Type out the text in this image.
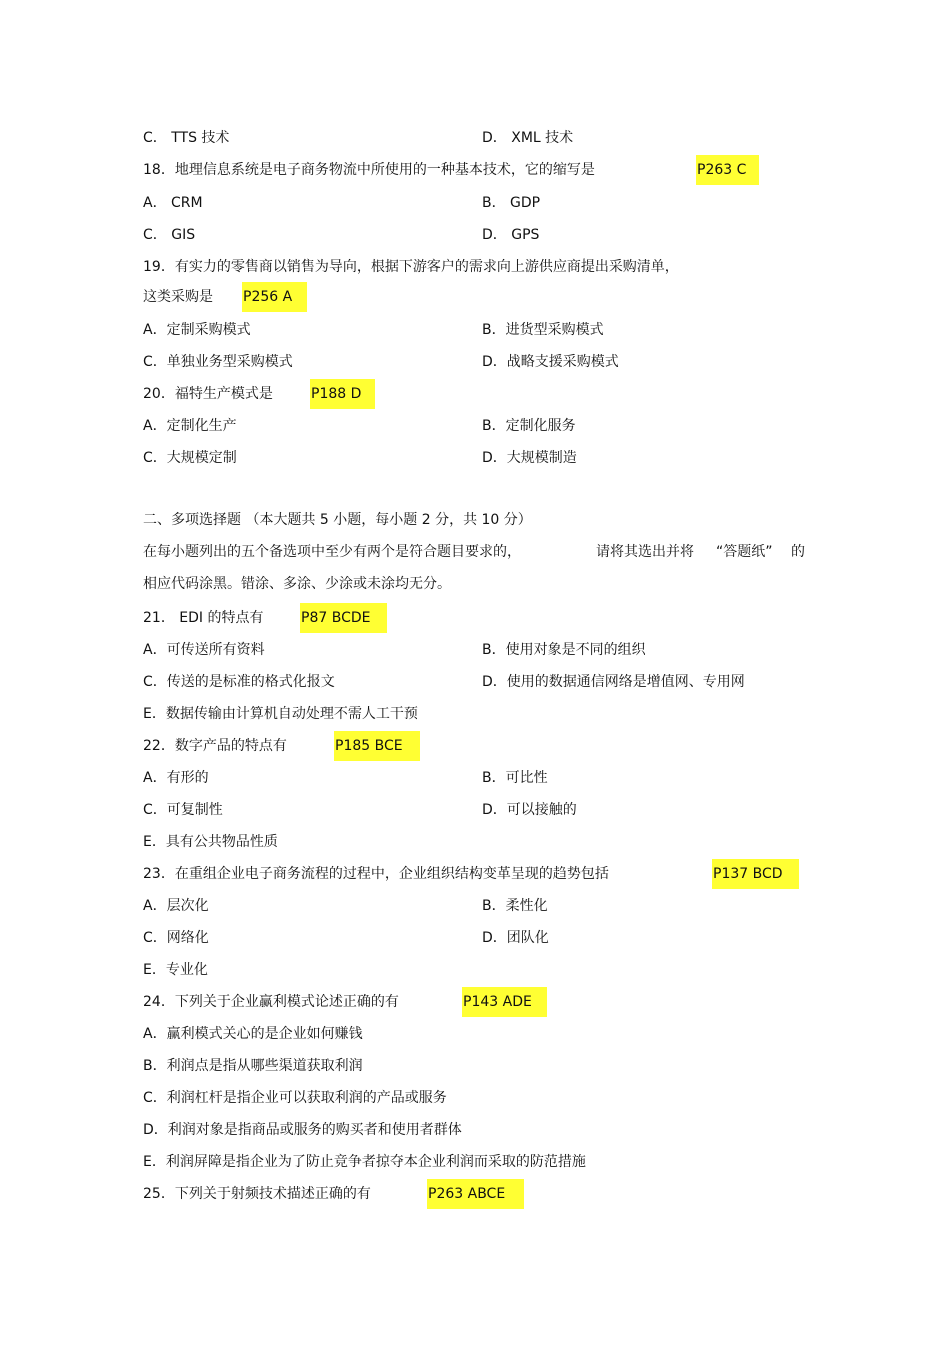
C． TTS 技术	D． XML 技术
18．地理信息系统是电子商务物流中所使用的一种基本技术，它的缩写是	P263 C
A． CRM	B． GDP
C． GIS	D． GPS
19．有实力的零售商以销售为导向，根据下游客户的需求向上游供应商提出采购清单，
这类采购是 P256 A
A．定制采购模式	B．进货型采购模式
C．单独业务型采购模式	D．战略支援采购模式
20．福特生产模式是	P188 D
A．定制化生产	B．定制化服务
C．大规模定制	D．大规模制造
二、多项选择题 （本大题共 5 小题，每小题 2 分，共 10 分）
在每小题列出的五个备选项中至少有两个是符合题目要求的，	请将其选出并将 “答题纸” 的
相应代码涂黑。错涂、多涂、少涂或未涂均无分。
21． EDI 的特点有	P87 BCDE
A．可传送所有资料	B．使用对象是不同的组织
C．传送的是标准的格式化报文	D．使用的数据通信网络是增值网、专用网
E．数据传输由计算机自动处理不需人工干预
22．数字产品的特点有	P185 BCE
A．有形的	B．可比性
C．可复制性	D．可以接触的
E．具有公共物品性质
23．在重组企业电子商务流程的过程中，企业组织结构变革呈现的趋势包括	P137 BCD
A．层次化	B．柔性化
C．网络化	D．团队化
E．专业化
24．下列关于企业赢利模式论述正确的有	P143 ADE
A．赢利模式关心的是企业如何赚钱
B．利润点是指从哪些渠道获取利润
C．利润杠杆是指企业可以获取利润的产品或服务
D．利润对象是指商品或服务的购买者和使用者群体
E．利润屏障是指企业为了防止竞争者掠夺本企业利润而采取的防范措施
25．下列关于射频技术描述正确的有	P263 ABCE
